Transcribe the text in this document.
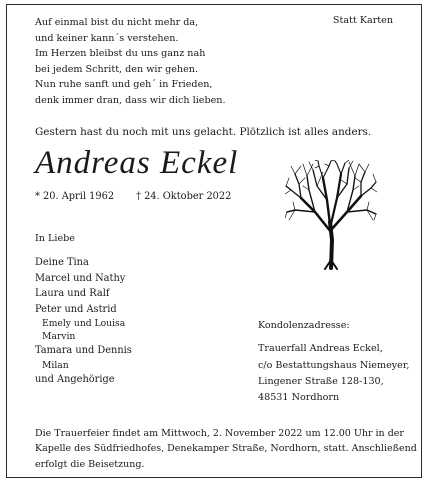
Auf einmal bist du nicht mehr da,
und keiner kann´s verstehen.
Im Herzen bleibst du uns ganz nah
bei jedem Schritt, den wir gehen.
Nun ruhe sanft und geh´ in Frieden,
denk immer dran, dass wir dich lieben.
Statt Karten
Gestern hast du noch mit uns gelacht. Plötzlich ist alles anders.
Andreas Eckel
* 20. April 1962 † 24. Oktober 2022
In Liebe
Deine Tina
Marcel und Nathy
Laura und Ralf
Peter und Astrid
Emely und Louisa
Marvin
Tamara und Dennis
Milan
und Angehörige
Kondolenzadresse:
Trauerfall Andreas Eckel,
c/o Bestattungshaus Niemeyer,
Lingener Straße 128-130,
48531 Nordhorn
Die Trauerfeier findet am Mittwoch, 2. November 2022 um 12.00 Uhr in der
Kapelle des Südfriedhofes, Denekamper Straße, Nordhorn, statt. Anschließend
erfolgt die Beisetzung.
